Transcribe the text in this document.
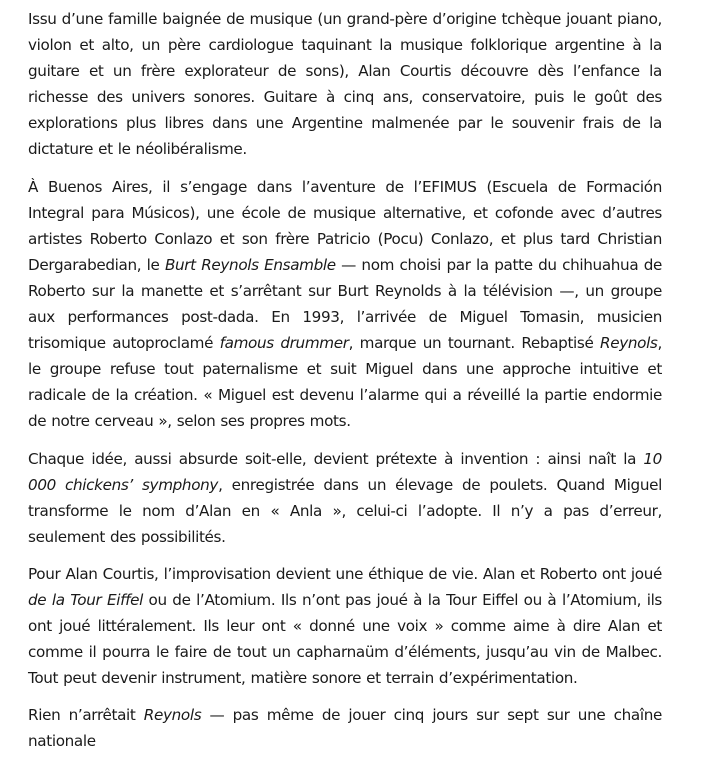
Issu d’une famille baignée de musique (un grand-père d’origine tchèque jouant piano, violon et alto, un père cardiologue taquinant la musique folklorique argentine à la guitare et un frère explorateur de sons), Alan Courtis découvre dès l’enfance la richesse des univers sonores. Guitare à cinq ans, conservatoire, puis le goût des explorations plus libres dans une Argentine malmenée par le souvenir frais de la dictature et le néolibéralisme.

À Buenos Aires, il s’engage dans l’aventure de l’EFIMUS (Escuela de Formación Integral para Músicos), une école de musique alternative, et cofonde avec d’autres artistes Roberto Conlazo et son frère Patricio (Pocu) Conlazo, et plus tard Christian Dergarabedian, le Burt Reynols Ensamble — nom choisi par la patte du chihuahua de Roberto sur la manette et s’arrêtant sur Burt Reynolds à la télévision —, un groupe aux performances post-dada. En 1993, l’arrivée de Miguel Tomasin, musicien trisomique autoproclamé famous drummer, marque un tournant. Rebaptisé Reynols, le groupe refuse tout paternalisme et suit Miguel dans une approche intuitive et radicale de la création. « Miguel est devenu l’alarme qui a réveillé la partie endormie de notre cerveau », selon ses propres mots.

Chaque idée, aussi absurde soit-elle, devient prétexte à invention : ainsi naît la 10 000 chickens’ symphony, enregistrée dans un élevage de poulets. Quand Miguel transforme le nom d’Alan en « Anla », celui-ci l’adopte. Il n’y a pas d’erreur, seulement des possibilités.

Pour Alan Courtis, l’improvisation devient une éthique de vie. Alan et Roberto ont joué de la Tour Eiffel ou de l’Atomium. Ils n’ont pas joué à la Tour Eiffel ou à l’Atomium, ils ont joué littéralement. Ils leur ont « donné une voix » comme aime à dire Alan et comme il pourra le faire de tout un capharnaüm d’éléments, jusqu’au vin de Malbec. Tout peut devenir instrument, matière sonore et terrain d’expérimentation.

Rien n’arrêtait Reynols — pas même de jouer cinq jours sur sept sur une chaîne nationale
